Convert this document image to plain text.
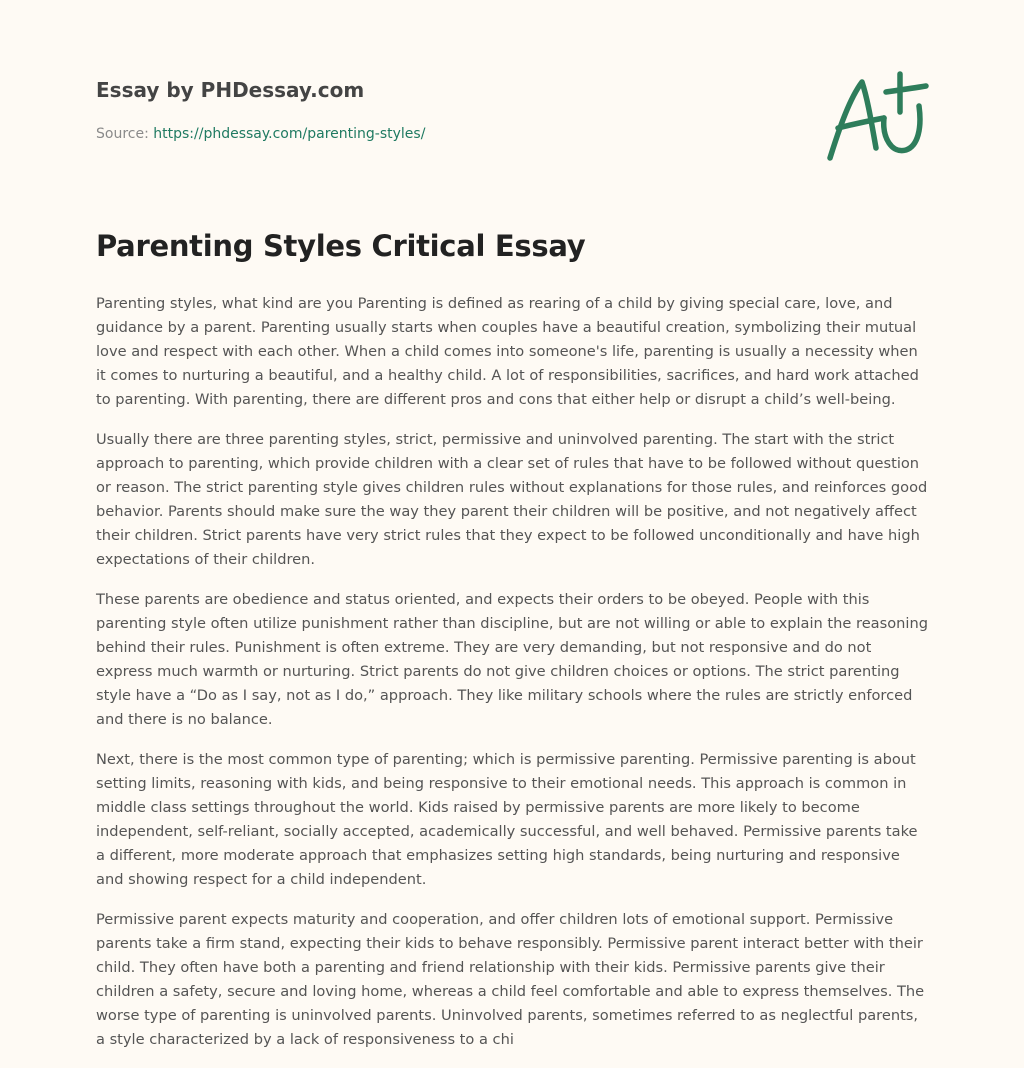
Essay by PHDessay.com
Source: https://phdessay.com/parenting-styles/
Parenting Styles Critical Essay

Parenting styles, what kind are you Parenting is defined as rearing of a child by giving special care, love, and guidance by a parent. Parenting usually starts when couples have a beautiful creation, symbolizing their mutual love and respect with each other. When a child comes into someone's life, parenting is usually a necessity when it comes to nurturing a beautiful, and a healthy child. A lot of responsibilities, sacrifices, and hard work attached to parenting. With parenting, there are different pros and cons that either help or disrupt a child’s well-being.

Usually there are three parenting styles, strict, permissive and uninvolved parenting. The start with the strict approach to parenting, which provide children with a clear set of rules that have to be followed without question or reason. The strict parenting style gives children rules without explanations for those rules, and reinforces good behavior. Parents should make sure the way they parent their children will be positive, and not negatively affect their children. Strict parents have very strict rules that they expect to be followed unconditionally and have high expectations of their children.

These parents are obedience and status oriented, and expects their orders to be obeyed. People with this parenting style often utilize punishment rather than discipline, but are not willing or able to explain the reasoning behind their rules. Punishment is often extreme. They are very demanding, but not responsive and do not express much warmth or nurturing. Strict parents do not give children choices or options. The strict parenting style have a “Do as I say, not as I do,” approach. They like military schools where the rules are strictly enforced and there is no balance.

Next, there is the most common type of parenting; which is permissive parenting. Permissive parenting is about setting limits, reasoning with kids, and being responsive to their emotional needs. This approach is common in middle class settings throughout the world. Kids raised by permissive parents are more likely to become independent, self-reliant, socially accepted, academically successful, and well behaved. Permissive parents take a different, more moderate approach that emphasizes setting high standards, being nurturing and responsive and showing respect for a child independent.

Permissive parent expects maturity and cooperation, and offer children lots of emotional support. Permissive parents take a firm stand, expecting their kids to behave responsibly. Permissive parent interact better with their child. They often have both a parenting and friend relationship with their kids. Permissive parents give their children a safety, secure and loving home, whereas a child feel comfortable and able to express themselves. The worse type of parenting is uninvolved parents. Uninvolved parents, sometimes referred to as neglectful parents, a style characterized by a lack of responsiveness to a chi
